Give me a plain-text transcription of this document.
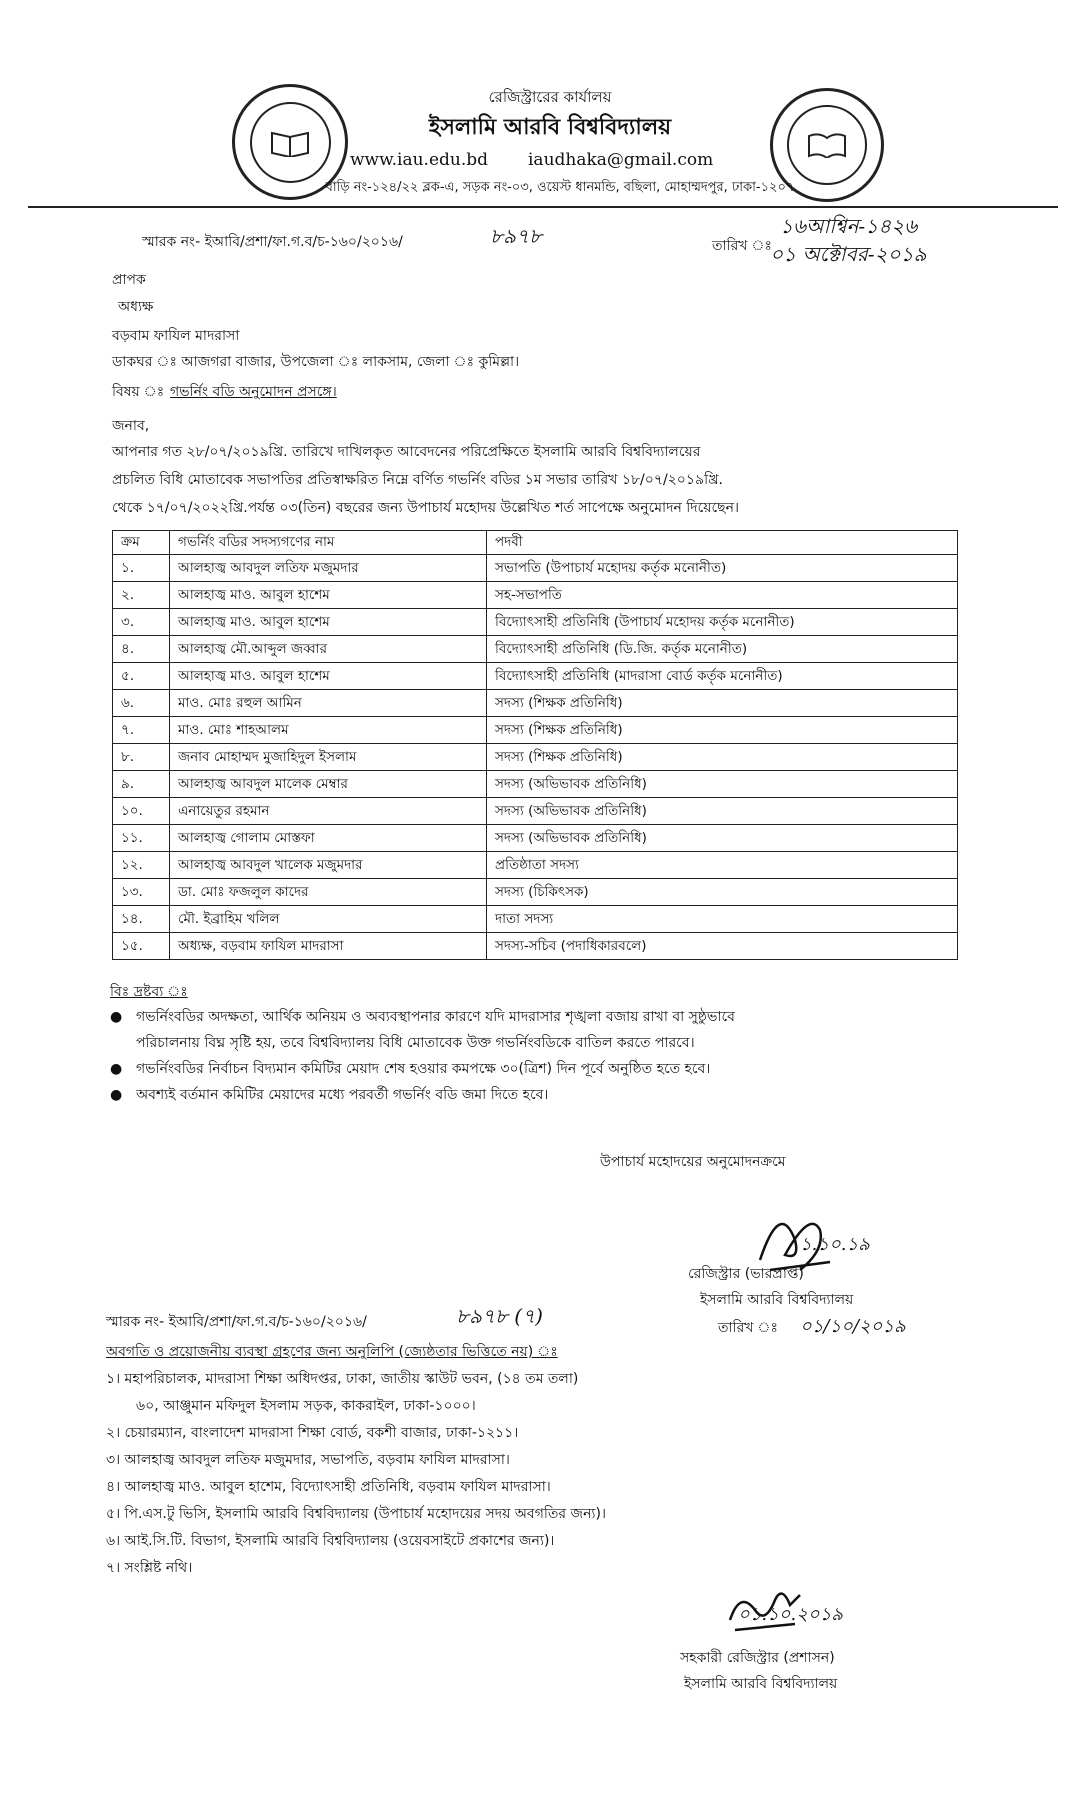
রেজিস্ট্রারের কার্যালয়
ইসলামি আরবি বিশ্ববিদ্যালয়
www.iau.edu.bd iaudhaka@gmail.com
বাড়ি নং-১২৪/২২ ব্লক-এ, সড়ক নং-০৩, ওয়েস্ট ধানমন্ডি, বছিলা, মোহাম্মদপুর, ঢাকা-১২০৭
স্মারক নং- ইআবি/প্রশা/ফা.গ.ব/চ-১৬০/২০১৬/	৮৯৭৮	তারিখ ঃ
১৬আশ্বিন-১৪২৬
০১ অক্টোবর-২০১৯
প্রাপক
অধ্যক্ষ
বড়বাম ফাযিল মাদরাসা
ডাকঘর ঃ আজগরা বাজার, উপজেলা ঃ লাকসাম, জেলা ঃ কুমিল্লা।
বিষয় ঃ গভর্নিং বডি অনুমোদন প্রসঙ্গে।
জনাব,
আপনার গত ২৮/০৭/২০১৯খ্রি. তারিখে দাখিলকৃত আবেদনের পরিপ্রেক্ষিতে ইসলামি আরবি বিশ্ববিদ্যালয়ের
প্রচলিত বিধি মোতাবেক সভাপতির প্রতিস্বাক্ষরিত নিম্নে বর্ণিত গভর্নিং বডির ১ম সভার তারিখ ১৮/০৭/২০১৯খ্রি.
থেকে ১৭/০৭/২০২২খ্রি.পর্যন্ত ০৩(তিন) বছরের জন্য উপাচার্য মহোদয় উল্লেখিত শর্ত সাপেক্ষে অনুমোদন দিয়েছেন।
ক্রম	গভর্নিং বডির সদস্যগণের নাম	পদবী
১.	আলহাজ্ব আবদুল লতিফ মজুমদার	সভাপতি (উপাচার্য মহোদয় কর্তৃক মনোনীত)
২.	আলহাজ্ব মাও. আবুল হাশেম	সহ-সভাপতি
৩.	আলহাজ্ব মাও. আবুল হাশেম	বিদ্যোৎসাহী প্রতিনিধি (উপাচার্য মহোদয় কর্তৃক মনোনীত)
৪.	আলহাজ্ব মৌ.আব্দুল জব্বার	বিদ্যোৎসাহী প্রতিনিধি (ডি.জি. কর্তৃক মনোনীত)
৫.	আলহাজ্ব মাও. আবুল হাশেম	বিদ্যোৎসাহী প্রতিনিধি (মাদরাসা বোর্ড কর্তৃক মনোনীত)
৬.	মাও. মোঃ রহুল আমিন	সদস্য (শিক্ষক প্রতিনিধি)
৭.	মাও. মোঃ শাহআলম	সদস্য (শিক্ষক প্রতিনিধি)
৮.	জনাব মোহাম্মদ মুজাহিদুল ইসলাম	সদস্য (শিক্ষক প্রতিনিধি)
৯.	আলহাজ্ব আবদুল মালেক মেম্বার	সদস্য (অভিভাবক প্রতিনিধি)
১০.	এনায়েতুর রহমান	সদস্য (অভিভাবক প্রতিনিধি)
১১.	আলহাজ্ব গোলাম মোস্তফা	সদস্য (অভিভাবক প্রতিনিধি)
১২.	আলহাজ্ব আবদুল খালেক মজুমদার	প্রতিষ্ঠাতা সদস্য
১৩.	ডা. মোঃ ফজলুল কাদের	সদস্য (চিকিৎসক)
১৪.	মৌ. ইব্রাহিম খলিল	দাতা সদস্য
১৫.	অধ্যক্ষ, বড়বাম ফাযিল মাদরাসা	সদস্য-সচিব (পদাধিকারবলে)
বিঃ দ্রষ্টব্য ঃ
● গভর্নিংবডির অদক্ষতা, আর্থিক অনিয়ম ও অব্যবস্থাপনার কারণে যদি মাদরাসার শৃঙ্খলা বজায় রাখা বা সুষ্ঠুভাবে
পরিচালনায় বিঘ্ন সৃষ্টি হয়, তবে বিশ্ববিদ্যালয় বিধি মোতাবেক উক্ত গভর্নিংবডিকে বাতিল করতে পারবে।
● গভর্নিংবডির নির্বাচন বিদ্যমান কমিটির মেয়াদ শেষ হওয়ার কমপক্ষে ৩০(ত্রিশ) দিন পূর্বে অনুষ্ঠিত হতে হবে।
● অবশ্যই বর্তমান কমিটির মেয়াদের মধ্যে পরবর্তী গভর্নিং বডি জমা দিতে হবে।
উপাচার্য মহোদয়ের অনুমোদনক্রমে
১.১০.১৯
রেজিস্ট্রার (ভারপ্রাপ্ত)
ইসলামি আরবি বিশ্ববিদ্যালয়
স্মারক নং- ইআবি/প্রশা/ফা.গ.ব/চ-১৬০/২০১৬/	৮৯৭৮ (৭)	তারিখ ঃ ০১/১০/২০১৯
অবগতি ও প্রয়োজনীয় ব্যবস্থা গ্রহণের জন্য অনুলিপি (জ্যেষ্ঠতার ভিত্তিতে নয়) ঃ
১। মহাপরিচালক, মাদরাসা শিক্ষা অধিদপ্তর, ঢাকা, জাতীয় স্কাউট ভবন, (১৪ তম তলা)
৬০, আঞ্জুমান মফিদুল ইসলাম সড়ক, কাকরাইল, ঢাকা-১০০০।
২। চেয়ারম্যান, বাংলাদেশ মাদরাসা শিক্ষা বোর্ড, বকশী বাজার, ঢাকা-১২১১।
৩। আলহাজ্ব আবদুল লতিফ মজুমদার, সভাপতি, বড়বাম ফাযিল মাদরাসা।
৪। আলহাজ্ব মাও. আবুল হাশেম, বিদ্যোৎসাহী প্রতিনিধি, বড়বাম ফাযিল মাদরাসা।
৫। পি.এস.টু ভিসি, ইসলামি আরবি বিশ্ববিদ্যালয় (উপাচার্য মহোদয়ের সদয় অবগতির জন্য)।
৬। আই.সি.টি. বিভাগ, ইসলামি আরবি বিশ্ববিদ্যালয় (ওয়েবসাইটে প্রকাশের জন্য)।
৭। সংশ্লিষ্ট নথি।
০১.১০.২০১৯
সহকারী রেজিস্ট্রার (প্রশাসন)
ইসলামি আরবি বিশ্ববিদ্যালয়
